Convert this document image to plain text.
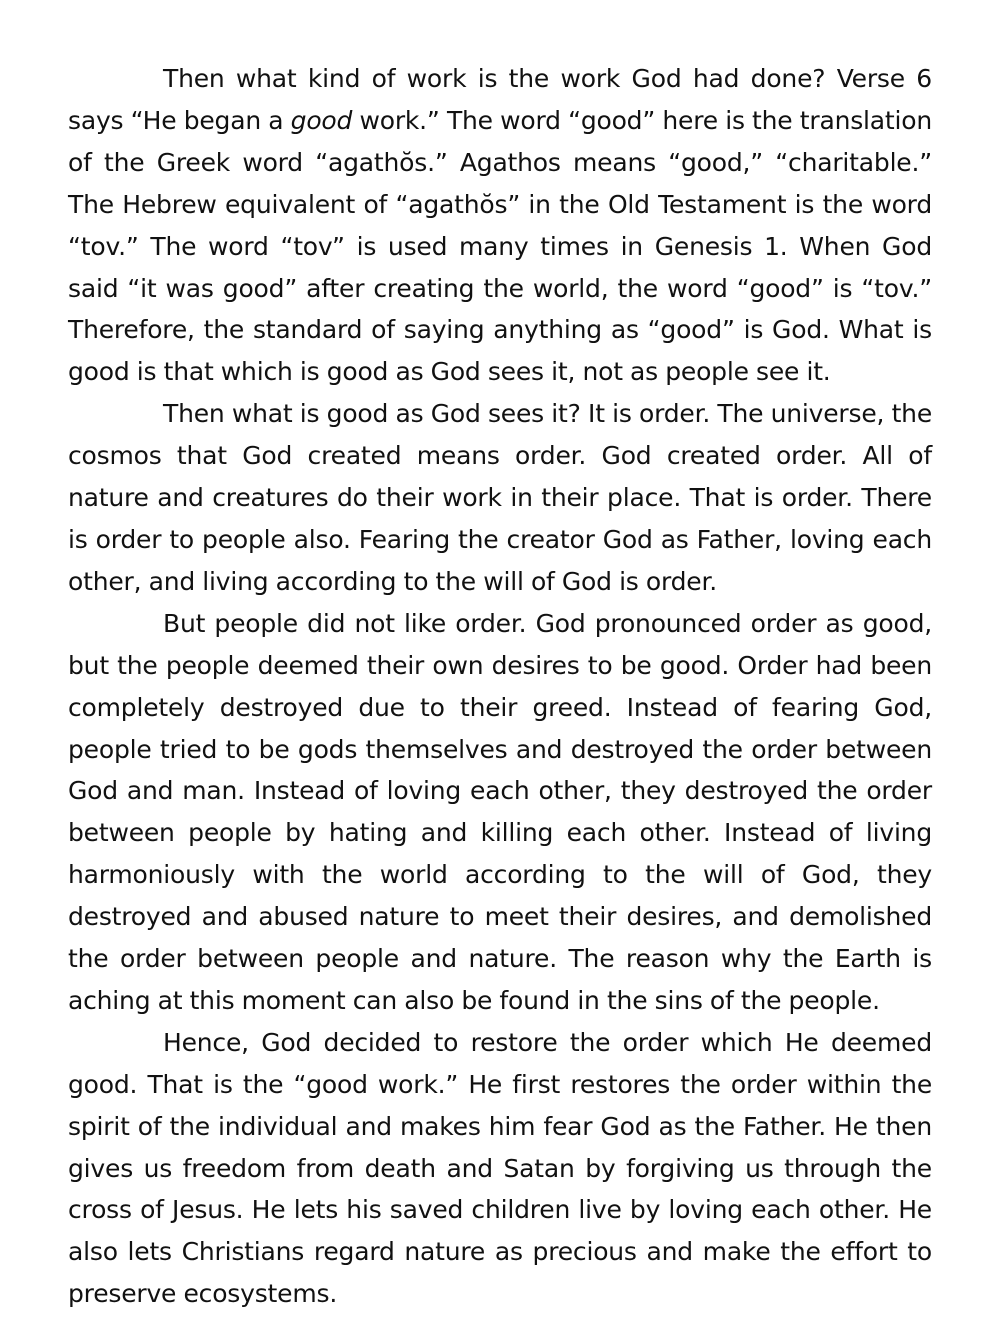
Then what kind of work is the work God had done? Verse 6 says “He began a good work.” The word “good” here is the translation of the Greek word “agathŏs.” Agathos means “good,” “charitable.” The Hebrew equivalent of “agathŏs” in the Old Testament is the word “tov.” The word “tov” is used many times in Genesis 1. When God said “it was good” after creating the world, the word “good” is “tov.” Therefore, the standard of saying anything as “good” is God. What is good is that which is good as God sees it, not as people see it.

Then what is good as God sees it? It is order. The universe, the cosmos that God created means order. God created order. All of nature and creatures do their work in their place. That is order. There is order to people also. Fearing the creator God as Father, loving each other, and living according to the will of God is order.

But people did not like order. God pronounced order as good, but the people deemed their own desires to be good. Order had been completely destroyed due to their greed. Instead of fearing God, people tried to be gods themselves and destroyed the order between God and man. Instead of loving each other, they destroyed the order between people by hating and killing each other. Instead of living harmoniously with the world according to the will of God, they destroyed and abused nature to meet their desires, and demolished the order between people and nature. The reason why the Earth is aching at this moment can also be found in the sins of the people.

Hence, God decided to restore the order which He deemed good. That is the “good work.” He first restores the order within the spirit of the individual and makes him fear God as the Father. He then gives us freedom from death and Satan by forgiving us through the cross of Jesus. He lets his saved children live by loving each other. He also lets Christians regard nature as precious and make the effort to preserve ecosystems.
